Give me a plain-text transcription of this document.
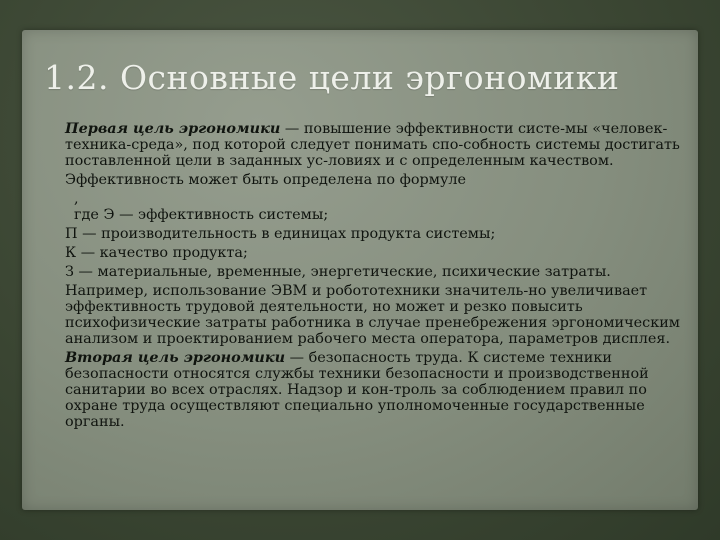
1.2. Основные цели эргономики

Первая цель эргономики — повышение эффективности систе-мы «человек-техника-среда», под которой следует понимать спо-собность системы достигать поставленной цели в заданных ус-ловиях и с определенным качеством.

Эффективность может быть определена по формуле

,

где Э — эффективность системы;

П — производительность в единицах продукта системы;

К — качество продукта;

З — материальные, временные, энергетические, психические затраты.

Например, использование ЭВМ и робототехники значитель-но увеличивает эффективность трудовой деятельности, но может и резко повысить психофизические затраты работника в случае пренебрежения эргономическим анализом и проектированием рабочего места оператора, параметров дисплея.

Вторая цель эргономики — безопасность труда. К системе техники безопасности относятся службы техники безопасности и производственной санитарии во всех отраслях. Надзор и кон-троль за соблюдением правил по охране труда осуществляют специально уполномоченные государственные органы.
